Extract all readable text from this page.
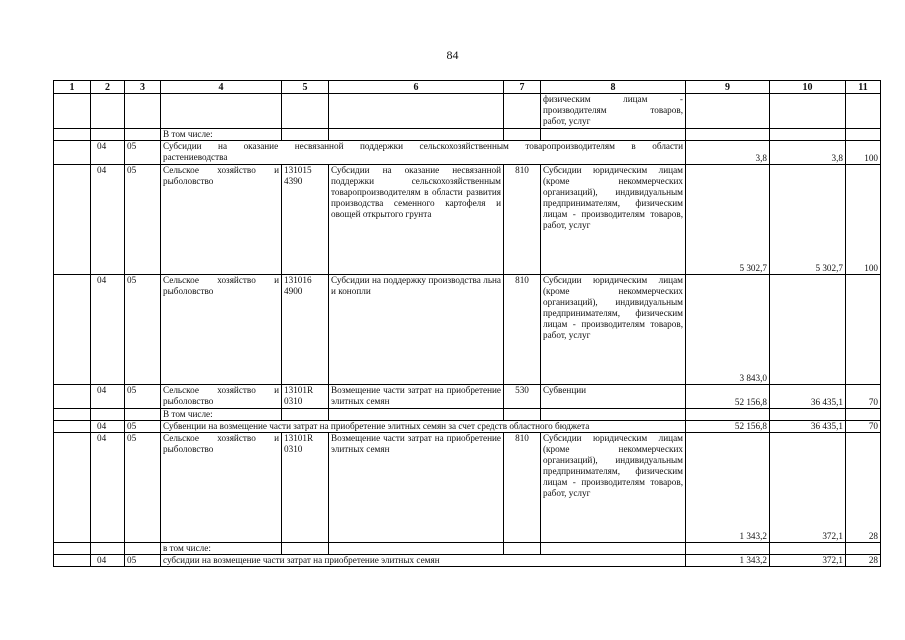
84
1	2	3	4	5	6	7	8	9	10	11

							физическим лицам -
производителям товаров,
работ, услуг			

			В том числе:							
	04	05	Субсидии на оказание несвязанной поддержки сельскохозяйственным товаропроизводителям в области
растениеводства					3,8	3,8	100
	04	05	Сельское хозяйство и рыболовство	131015
4390	Субсидии на оказание несвязанной поддержки сельскохозяйственным товаропроизводителям в области развития производства семенного картофеля и овощей открытого грунта	810	Субсидии юридическим лицам (кроме некоммерческих организаций), индивидуальным предпринимателям, физическим лицам - производителям товаров, работ, услуг	5 302,7	5 302,7	100
	04	05	Сельское хозяйство и рыболовство	131016
4900	Субсидии на поддержку производства льна и конопли	810	Субсидии юридическим лицам (кроме некоммерческих организаций), индивидуальным предпринимателям, физическим лицам - производителям товаров, работ, услуг	3 843,0		
	04	05	Сельское хозяйство и рыболовство	13101R
0310	Возмещение части затрат на приобретение элитных семян	530	Субвенции	52 156,8	36 435,1	70
			В том числе:							
	04	05	Субвенции на возмещение части затрат на приобретение элитных семян за счет средств областного бюджета					52 156,8	36 435,1	70
	04	05	Сельское хозяйство и рыболовство	13101R
0310	Возмещение части затрат на приобретение элитных семян	810	Субсидии юридическим лицам (кроме некоммерческих организаций), индивидуальным предпринимателям, физическим лицам - производителям товаров, работ, услуг	1 343,2	372,1	28
			в том числе:							
	04	05	субсидии на возмещение части затрат на приобретение элитных семян					1 343,2	372,1	28
